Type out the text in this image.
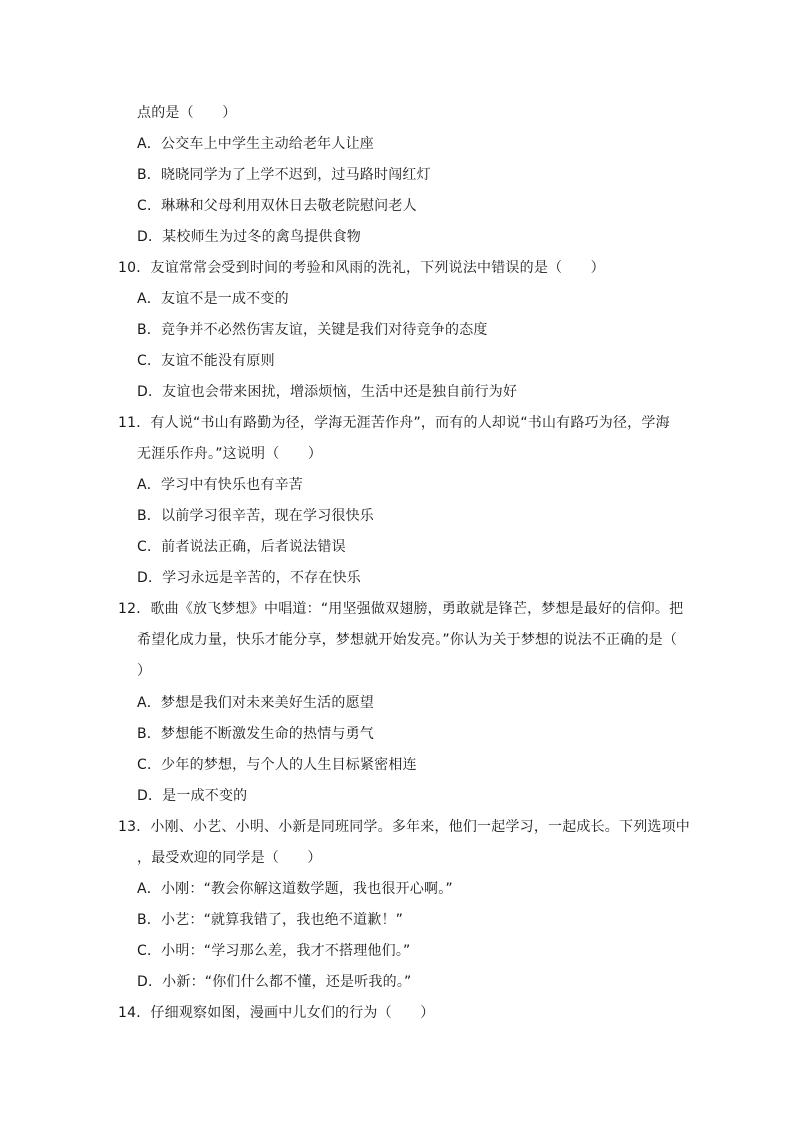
点的是（　　）
A．公交车上中学生主动给老年人让座
B．晓晓同学为了上学不迟到，过马路时闯红灯
C．琳琳和父母利用双休日去敬老院慰问老人
D．某校师生为过冬的禽鸟提供食物
10．友谊常常会受到时间的考验和风雨的洗礼，下列说法中错误的是（　　）
A．友谊不是一成不变的
B．竞争并不必然伤害友谊，关键是我们对待竞争的态度
C．友谊不能没有原则
D．友谊也会带来困扰，增添烦恼，生活中还是独自前行为好
11．有人说“书山有路勤为径，学海无涯苦作舟”，而有的人却说“书山有路巧为径，学海
无涯乐作舟。”这说明（　　）
A．学习中有快乐也有辛苦
B．以前学习很辛苦，现在学习很快乐
C．前者说法正确，后者说法错误
D．学习永远是辛苦的，不存在快乐
12．歌曲《放飞梦想》中唱道：“用坚强做双翅膀，勇敢就是锋芒，梦想是最好的信仰。把
希望化成力量，快乐才能分享，梦想就开始发亮。”你认为关于梦想的说法不正确的是（
）
A．梦想是我们对未来美好生活的愿望
B．梦想能不断激发生命的热情与勇气
C．少年的梦想，与个人的人生目标紧密相连
D．是一成不变的
13．小刚、小艺、小明、小新是同班同学。多年来，他们一起学习，一起成长。下列选项中
，最受欢迎的同学是（　　）
A．小刚：“教会你解这道数学题，我也很开心啊。”
B．小艺：“就算我错了，我也绝不道歉！”
C．小明：“学习那么差，我才不搭理他们。”
D．小新：“你们什么都不懂，还是听我的。”
14．仔细观察如图，漫画中儿女们的行为（　　）
